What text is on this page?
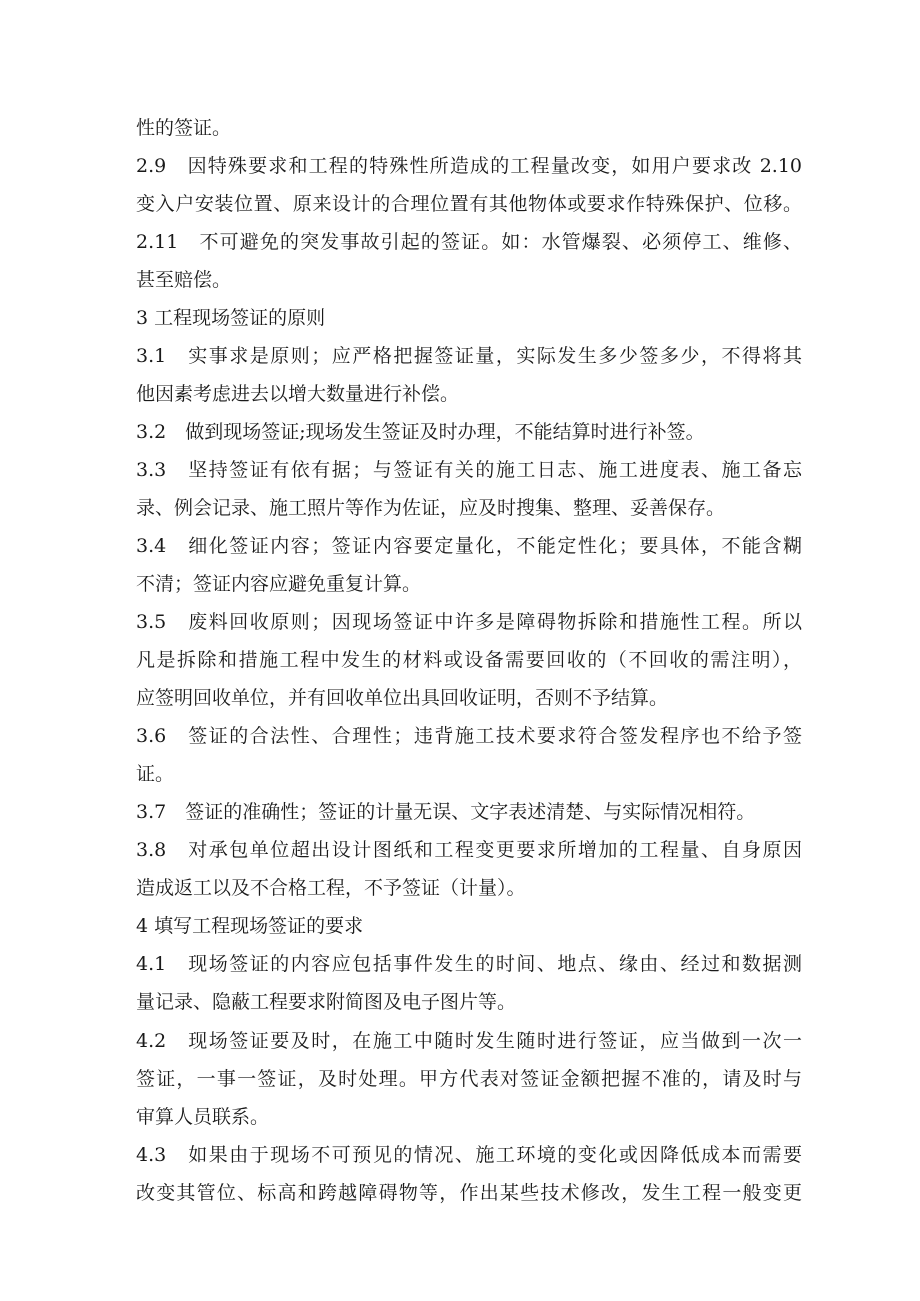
性的签证。

2.9　因特殊要求和工程的特殊性所造成的工程量改变，如用户要求改 2.10

变入户安装位置、原来设计的合理位置有其他物体或要求作特殊保护、位移。

2.11　不可避免的突发事故引起的签证。如：水管爆裂、必须停工、维修、

甚至赔偿。

3 工程现场签证的原则

3.1　实事求是原则；应严格把握签证量，实际发生多少签多少，不得将其

他因素考虑进去以增大数量进行补偿。

3.2　做到现场签证;现场发生签证及时办理，不能结算时进行补签。

3.3　坚持签证有依有据；与签证有关的施工日志、施工进度表、施工备忘

录、例会记录、施工照片等作为佐证，应及时搜集、整理、妥善保存。

3.4　细化签证内容；签证内容要定量化，不能定性化；要具体，不能含糊

不清；签证内容应避免重复计算。

3.5　废料回收原则；因现场签证中许多是障碍物拆除和措施性工程。所以

凡是拆除和措施工程中发生的材料或设备需要回收的（不回收的需注明），

应签明回收单位，并有回收单位出具回收证明，否则不予结算。

3.6　签证的合法性、合理性；违背施工技术要求符合签发程序也不给予签

证。

3.7　签证的准确性；签证的计量无误、文字表述清楚、与实际情况相符。

3.8　对承包单位超出设计图纸和工程变更要求所增加的工程量、自身原因

造成返工以及不合格工程，不予签证（计量）。

4 填写工程现场签证的要求

4.1　现场签证的内容应包括事件发生的时间、地点、缘由、经过和数据测

量记录、隐蔽工程要求附简图及电子图片等。

4.2　现场签证要及时，在施工中随时发生随时进行签证，应当做到一次一

签证，一事一签证，及时处理。甲方代表对签证金额把握不准的，请及时与

审算人员联系。

4.3　如果由于现场不可预见的情况、施工环境的变化或因降低成本而需要

改变其管位、标高和跨越障碍物等，作出某些技术修改，发生工程一般变更
